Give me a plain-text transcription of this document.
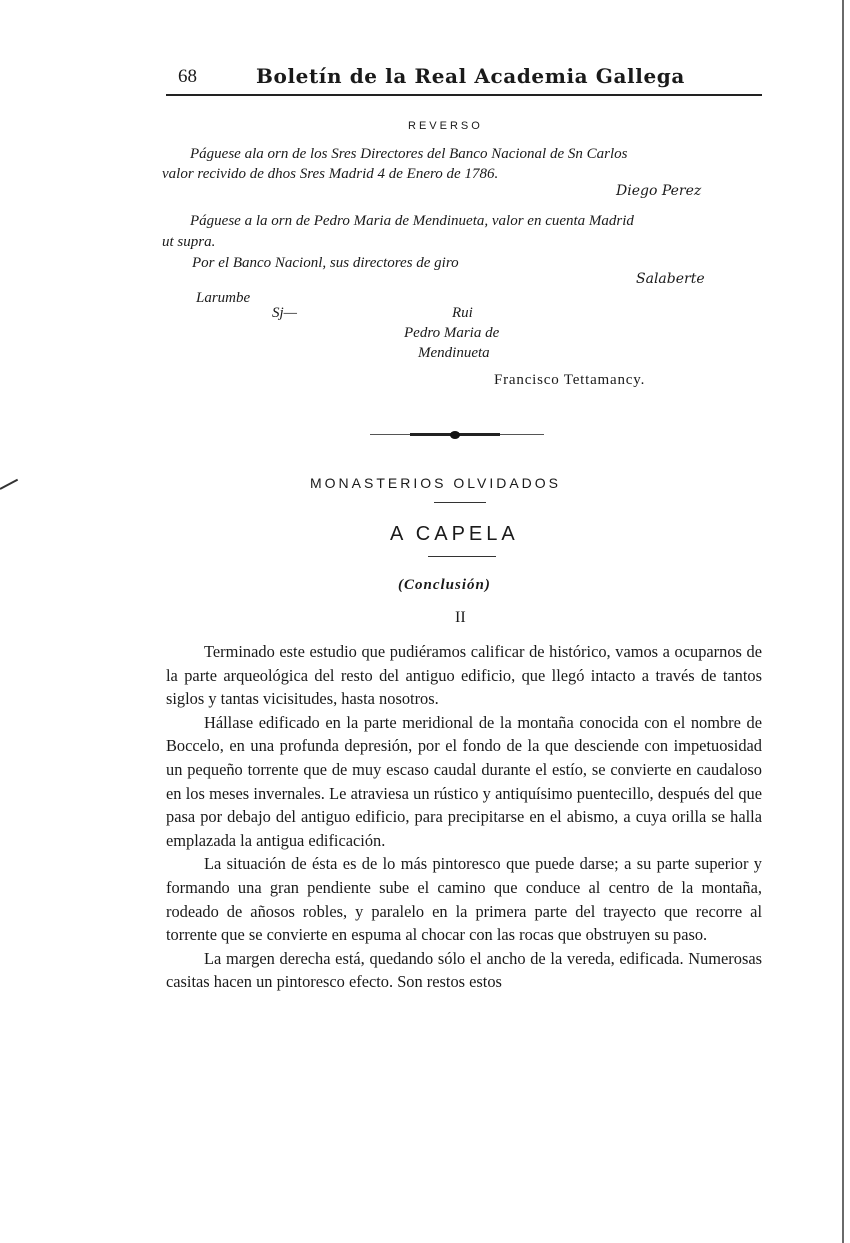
68	Boletín de la Real Academia Gallega
REVERSO
Páguese ala orn de los Sres Directores del Banco Nacional de Sn Carlos
valor recivido de dhos Sres Madrid 4 de Enero de 1786.
Diego Perez
Páguese a la orn de Pedro Maria de Mendinueta, valor en cuenta Madrid
ut supra.
Por el Banco Nacionl, sus directores de giro
Salaberte
Larumbe
Sj—	Rui
Pedro Maria de
Mendinueta
Francisco Tettamancy.
MONASTERIOS OLVIDADOS
A CAPELA
(Conclusión)
II

Terminado este estudio que pudiéramos calificar de histórico, vamos a ocuparnos de la parte arqueológica del resto del antiguo edificio, que llegó intacto a través de tantos siglos y tantas vicisitudes, hasta nosotros.

Hállase edificado en la parte meridional de la montaña conocida con el nombre de Boccelo, en una profunda depresión, por el fondo de la que desciende con impetuosidad un pequeño torrente que de muy escaso caudal durante el estío, se convierte en caudaloso en los meses invernales. Le atraviesa un rústico y antiquísimo puentecillo, después del que pasa por debajo del antiguo edificio, para precipitarse en el abismo, a cuya orilla se halla emplazada la antigua edificación.

La situación de ésta es de lo más pintoresco que puede darse; a su parte superior y formando una gran pendiente sube el camino que conduce al centro de la montaña, rodeado de añosos robles, y paralelo en la primera parte del trayecto que recorre al torrente que se convierte en espuma al chocar con las rocas que obstruyen su paso.

La margen derecha está, quedando sólo el ancho de la vereda, edificada. Numerosas casitas hacen un pintoresco efecto. Son restos estos
